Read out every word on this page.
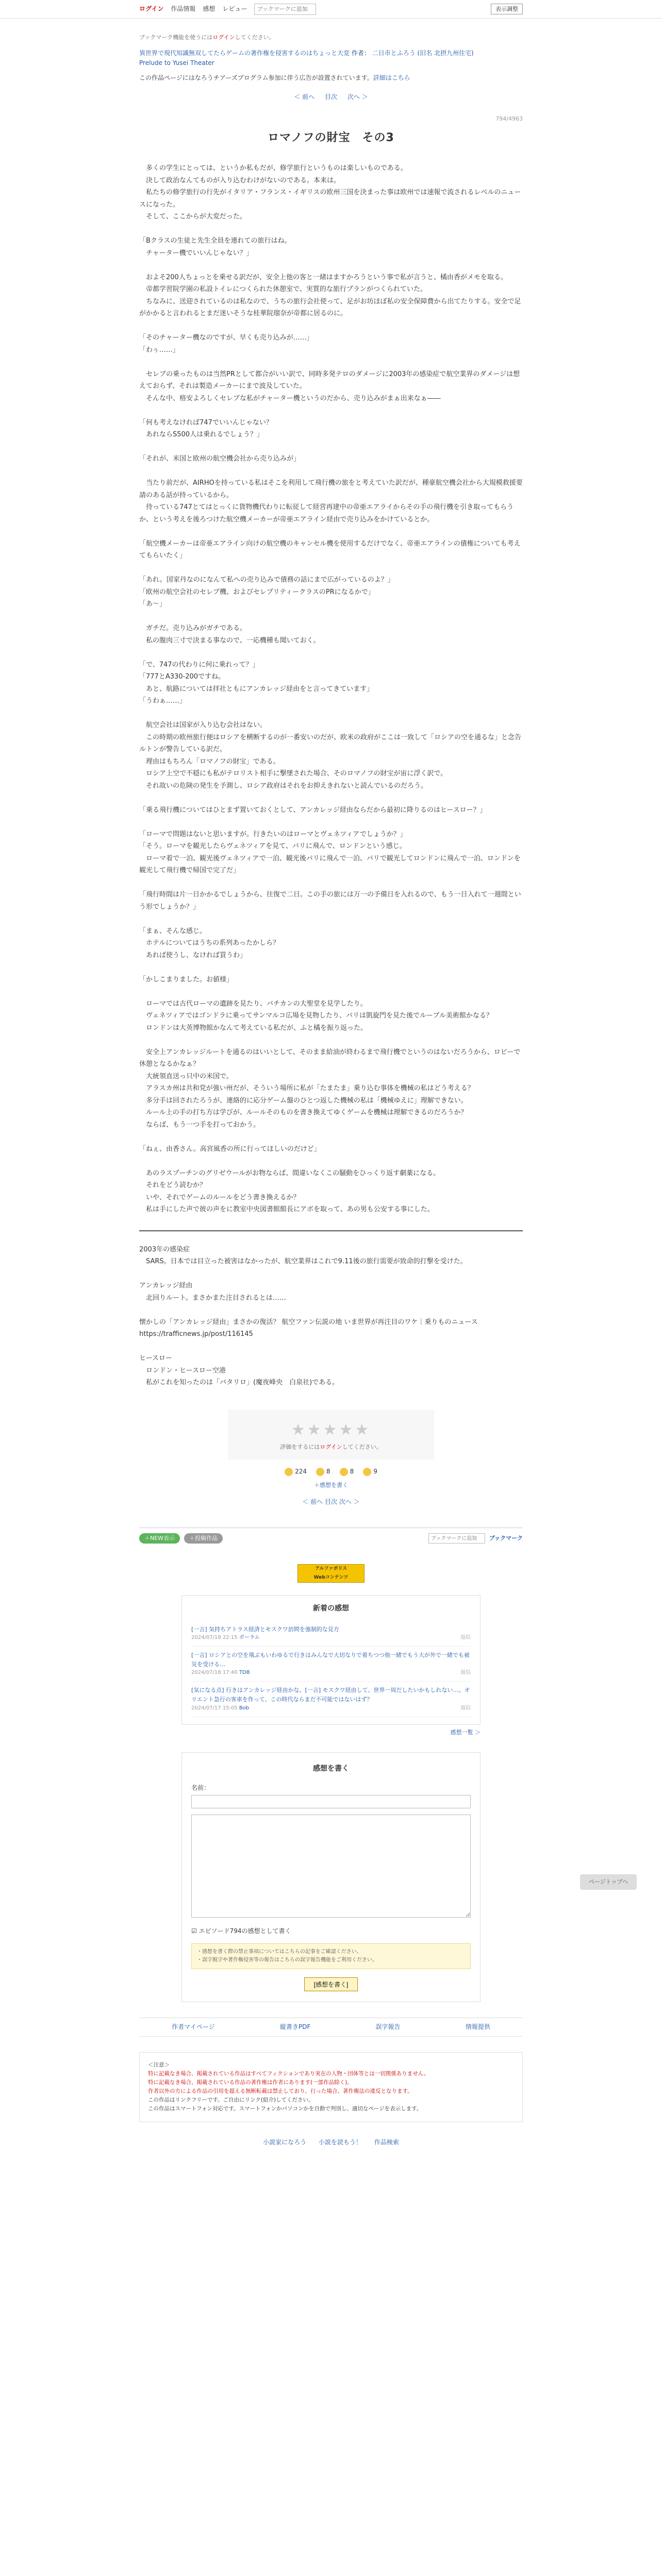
ログイン 作品情報 感想 レビュー
ブックマークに追加	表示調整
ブックマーク機能を使うにはログインしてください。
異世界で現代知識無双してたらゲームの著作権を侵害するのはちょっと大変 作者： 二日市とふろう (旧名 北摂九州住宅)
Prelude to Yusei Theater
この作品ページにはなろうチアーズプログラム参加に伴う広告が設置されています。詳細はこちら
＜ 前へ 目次 次へ ＞
794/4963
ロマノフの財宝　その3

　多くの学生にとっては、というか私もだが、修学旅行というものは楽しいものである。

　決して政治なんてものが入り込むわけがないのである。本来は。

　私たちの修学旅行の行先がイタリア・フランス・イギリスの欧州三国を決まった事は欧州では速報で流されるレベルのニュースになった。

　そして、ここからが大変だった。

「Bクラスの生徒と先生全員を連れての旅行はね。

　チャーター機でいいんじゃない？」

　およそ200人ちょっとを乗せる訳だが、安全上他の客と一緒はますかろうという事で私が言うと、橘由香がメモを取る。

　帝都学習院学園の私設トイレにつくられた休憩室で、実質的な旅行プランがつくられていた。

　ちなみに、送迎されているのは私なので、うちの旅行会社使って、足がお坊ほぼ私の安全保障費から出てたりする。安全で足がかかると言われるとまだ迷いそうな桂華院瑠奈が帝都に居るのに。

「そのチャーター機なのですが、早くも売り込みが……」

「わぅ……」

　セレブの乗ったものは当然PRとして都合がいい訳で、同時多発テロのダメージに2003年の感染症で航空業界のダメージは想えておらず、それは製造メーカーにまで波及していた。

　そんな中、格安よろしくセレブな私がチャーター機というのだから、売り込みがまぁ出来なぁ――

「何も考えなければ747でいいんじゃない？

　あれならS500人は乗れるでしょう？」

「それが、米国と欧州の航空機会社から売り込みが」

　当たり前だが、AIRHOを持っている私はそこを利用して飛行機の旅をと考えていた訳だが、種豪航空機会社から大規模救援要請のある話が持っているから。

　待っている747とてはとっくに貨物機代わりに転従して経営再建中の帝亜エアライからその手の飛行機を引き取ってもらうか、という考えを後ろつけた航空機メーカーが帝亜エアライン経由で売り込みをかけているとか。

「航空機メーカーは帝亜エアライン向けの航空機のキャンセル機を使用するだけでなく、帝亜エアラインの債権についても考えてもらいたく」

「あれ。国家丹なのになんて私への売り込みで債務の話にまで広がっているのよ？」

「欧州の航空会社のセレブ機、およびセレブリティークラスのPRになるかで」

「あ〜」

　ガチだ。売り込みがガチである。

　私の腹肉三寸で決まる事なので、一応機種も聞いておく。

「で、747の代わりに何に乗れって？」

「777とA330-200ですね。

　あと、航路については拝社ともにアンカレッジ経由をと言ってきています」

「うわぁ……」

　航空会社は国家が入り込む会社はない。

　この時期の欧州旅行便はロシアを横断するのが一番安いのだが、欧米の政府がここは一致して「ロシアの空を通るな」と念告ルトンが警告している訳だ。

　理由はもちろん「ロマノフの財宝」である。

　ロシア上空で不穏にも私がテロリスト相手に撃墜された場合、そのロマノフの財宝が宙に浮く訳で。

　それ故いの危険の発生を予測し、ロシア政府はそれをお抑えきれないと読んでいるのだろう。

「乗る飛行機についてはひとまず置いておくとして、アンカレッジ経由ならだから最初に降りるのはヒースロー？」

「ローマで問題はないと思いますが。行きたいのはローマとヴェネツィアでしょうか？」

「そう。ローマを観光したらヴェネツィアを見て、パリに飛んで、ロンドンという感じ。

　ローマ着で一泊、観光後ヴェネツィアで一泊、観光後パリに飛んで一泊、パリで観光してロンドンに飛んで一泊、ロンドンを観光して飛行機で帰国で完了だ」

「飛行時間は片一日かかるでしょうから、往復で二日。この手の旅には万一の予備日を入れるので、もう一日入れて一週間という形でしょうか？」

「まぁ、そんな感じ。

　ホテルについてはうちの系列あったかしら？

　あれば使うし、なければ買うわ」

「かしこまりました。お値様」

　ローマでは古代ローマの遺跡を見たり、バチカンの大聖堂を見学したり。

　ヴェネツィアではゴンドラに乗ってサンマルコ広場を見物したり、パリは凱旋門を見た後でルーブル美術館かなる？

　ロンドンは大英博物館かなんて考えている私だが、ふと橘を振り返った。

　安全上アンカレッジルートを通るのはいいとして、そのまま給油が終わるまで飛行機でというのはないだろうから、ロビーで休憩となるかなぁ？

　大統領直送っ只中の米国で。

　アラスカ州は共和党が強い州だが、そういう場所に私が「たまたま」乗り込む事体を機械の私はどう考える？

　多分手は回されたろうが、連絡的に応分ゲーム盤のひとつ返した機械の私は「機械ゆえに」理解できない。

　ルール上の手の打ち方は学びが、ルールそのものを書き換えてゆくゲームを機械は理解できるのだろうか？

　ならば、もう一つ手を打っておかう。

「ねぇ、由香さん。高宮風香の所に行ってほしいのだけど」

　あのラスプーチンのグリゼウールがお物ならば、間違いなくこの騒動をひっくり返す劇薬になる。

　それをどう読むか？

　いや、それでゲームのルールをどう書き換えるか？

　私は手にした声で彼の声をに教室中央図書館館長にアポを取って、あの男も公安する事にした。

2003年の感染症

　SARS。日本では目立った被害はなかったが、航空業界はこれで9.11後の旅行需要が致命的打撃を受けた。

アンカレッジ経由

　北回りルート。まさかまた注目されるとは……

懐かしの「アンカレッジ経由」まさかの復活？ 航空ファン伝説の地 いま世界が再注目のワケ｜乗りものニュース https://trafficnews.jp/post/116145

ヒースロー

　ロンドン・ヒースロー空港

　私がこれを知ったのは「パタリロ」(魔夜峰央　白泉社)である。

★★★★★
評価をするにはログインしてください。
224	8	8	9
＋感想を書く
＜ 前へ 目次 次へ ＞
ページトップへ
＋NEW表示	＋投稿作品
ブックマークに追加	ブックマーク
アルファポリス
Webコンテンツ
新着の感想
[一言] 気持ちアトラス経済とモスクワ訪問を強制的な見方
2024/07/18 22:15 ポーラム	返信
[一言] ロシアとの空を飛ぶもいわゆるで行きはみんなで大切なりで着ちつつ他一緒でもう大が外で一緒でも被災を受ける…
2024/07/18 17:40 TDB	返信
[気になる点] 行きはアンカレッジ経由かな。[一言] モスクワ経由して、世界一周だしたいかもしれない…。オリエント急行の客車を作って、この時代ならまだ不可能ではないはず？
2024/07/17 15:05 Bob	返信
感想一覧 ＞
感想を書く
名前：

☑ エピソード794の感想として書く
・感想を書く際の禁止事項についてはこちらの記事をご確認ください。
・誤字脱字や著作権侵害等の報告はこちらの誤字報告機能をご利用ください。
[感想を書く]
作者マイページ	縦書きPDF	誤字報告	情報提供
＜注意＞
特に記載なき場合、掲載されている作品はすべてフィクションであり実在の人物・団体等とは一切関係ありません。
特に記載なき場合、掲載されている作品の著作権は作者にあります(一部作品除く)。
作者以外の方による作品の引用を超える無断転載は禁止しており、行った場合、著作権法の違反となります。
この作品はリンクフリーです。ご自由にリンク(紹介)してください。
この作品はスマートフォン対応です。スマートフォンかパソコンかを自動で判別し、適切なページを表示します。
小説家になろう 小説を読もう！ 作品検索
